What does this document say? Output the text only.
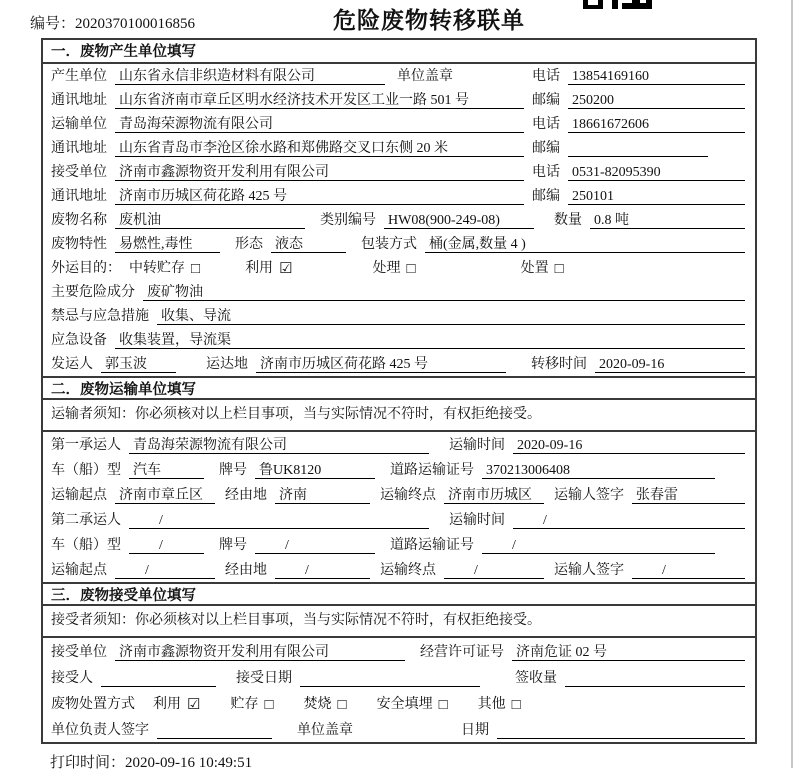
编号：2020370100016856	危险废物转移联单
一．废物产生单位填写
产生单位 山东省永信非织造材料有限公司	单位盖章	电话 13854169160
通讯地址 山东省济南市章丘区明水经济技术开发区工业一路 501 号	邮编 250200
运输单位 青岛海荣源物流有限公司	电话 18661672606
通讯地址 山东省青岛市李沧区徐水路和郑佛路交叉口东侧 20 米	邮编
接受单位 济南市鑫源物资开发利用有限公司	电话 0531-82095390
通讯地址 济南市历城区荷花路 425 号	邮编 250101
废物名称 废机油	类别编号 HW08(900-249-08)	数量 0.8 吨
废物特性 易燃性,毒性	形态 液态	包装方式 桶(金属,数量 4 )
外运目的： 中转贮存 □	利用 ☑	处理 □	处置 □
主要危险成分 废矿物油
禁忌与应急措施 收集、导流
应急设备 收集装置，导流渠
发运人 郭玉波	运达地 济南市历城区荷花路 425 号	转移时间 2020-09-16
二．废物运输单位填写
运输者须知：你必须核对以上栏目事项，当与实际情况不符时，有权拒绝接受。
第一承运人 青岛海荣源物流有限公司	运输时间 2020-09-16
车（船）型 汽车	牌号 鲁UK8120	道路运输证号 370213006408
运输起点 济南市章丘区	经由地 济南	运输终点 济南市历城区	运输人签字 张春雷
第二承运人	/	运输时间	/
车（船）型	/	牌号	/	道路运输证号	/
运输起点	/	经由地	/	运输终点	/	运输人签字	/
三．废物接受单位填写
接受者须知：你必须核对以上栏目事项，当与实际情况不符时，有权拒绝接受。
接受单位 济南市鑫源物资开发利用有限公司	经营许可证号 济南危证 02 号
接受人	接受日期	签收量
废物处置方式 利用 ☑ 贮存 □ 焚烧 □ 安全填埋 □ 其他 □
单位负责人签字	单位盖章	日期
打印时间：2020-09-16 10:49:51
